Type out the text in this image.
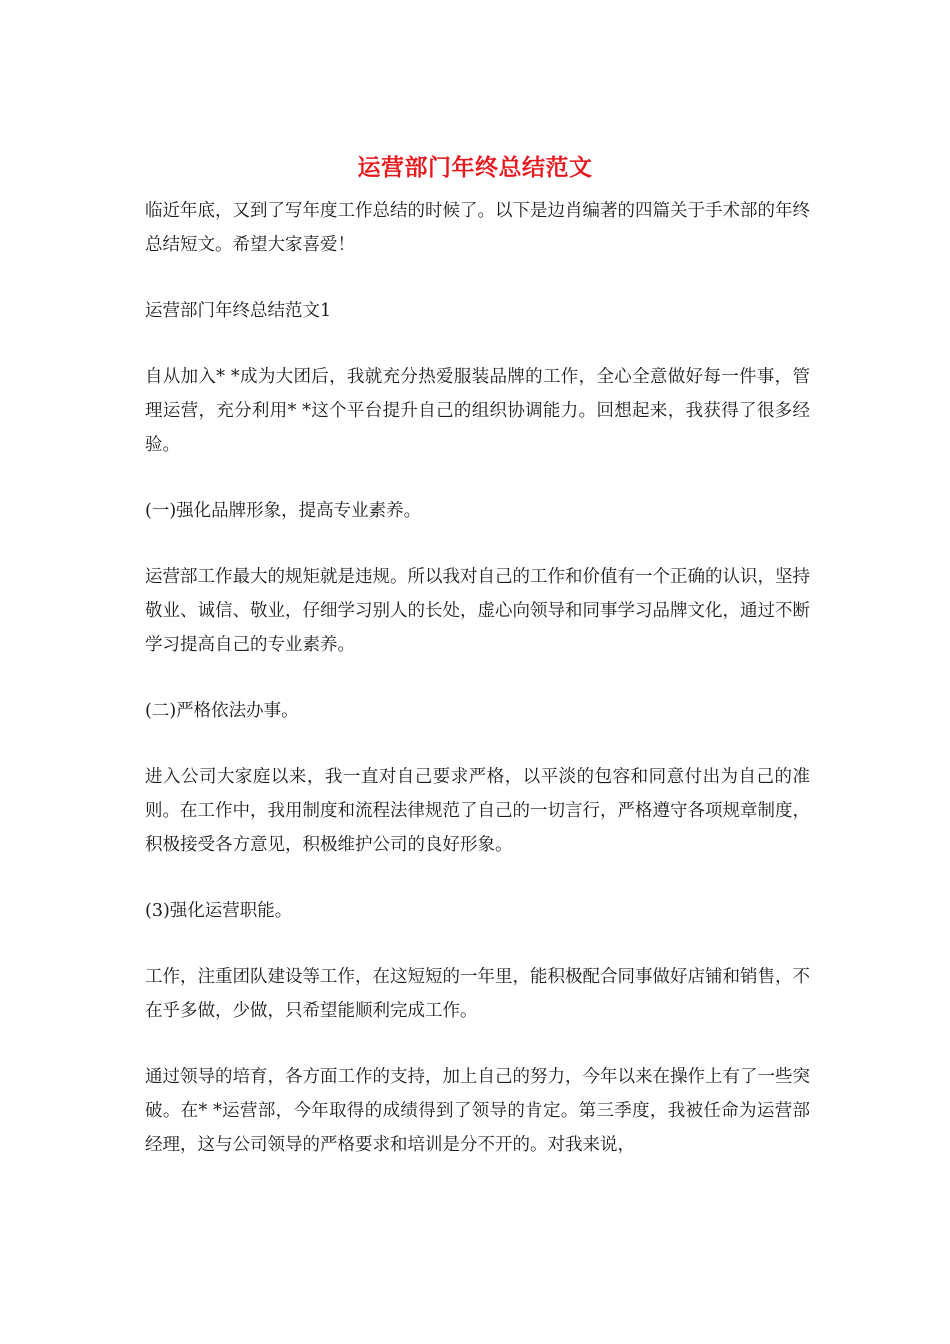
运营部门年终总结范文

临近年底，又到了写年度工作总结的时候了。以下是边肖编著的四篇关于手术部的年终总结短文。希望大家喜爱！

运营部门年终总结范文1

自从加入* *成为大团后，我就充分热爱服装品牌的工作，全心全意做好每一件事，管理运营，充分利用* *这个平台提升自己的组织协调能力。回想起来，我获得了很多经验。

(一)强化品牌形象，提高专业素养。

运营部工作最大的规矩就是违规。所以我对自己的工作和价值有一个正确的认识，坚持敬业、诚信、敬业，仔细学习别人的长处，虚心向领导和同事学习品牌文化，通过不断学习提高自己的专业素养。

(二)严格依法办事。

进入公司大家庭以来，我一直对自己要求严格，以平淡的包容和同意付出为自己的准则。在工作中，我用制度和流程法律规范了自己的一切言行，严格遵守各项规章制度，积极接受各方意见，积极维护公司的良好形象。

(3)强化运营职能。

工作，注重团队建设等工作，在这短短的一年里，能积极配合同事做好店铺和销售，不在乎多做，少做，只希望能顺利完成工作。

通过领导的培育，各方面工作的支持，加上自己的努力，今年以来在操作上有了一些突破。在* *运营部，今年取得的成绩得到了领导的肯定。第三季度，我被任命为运营部经理，这与公司领导的严格要求和培训是分不开的。对我来说，
